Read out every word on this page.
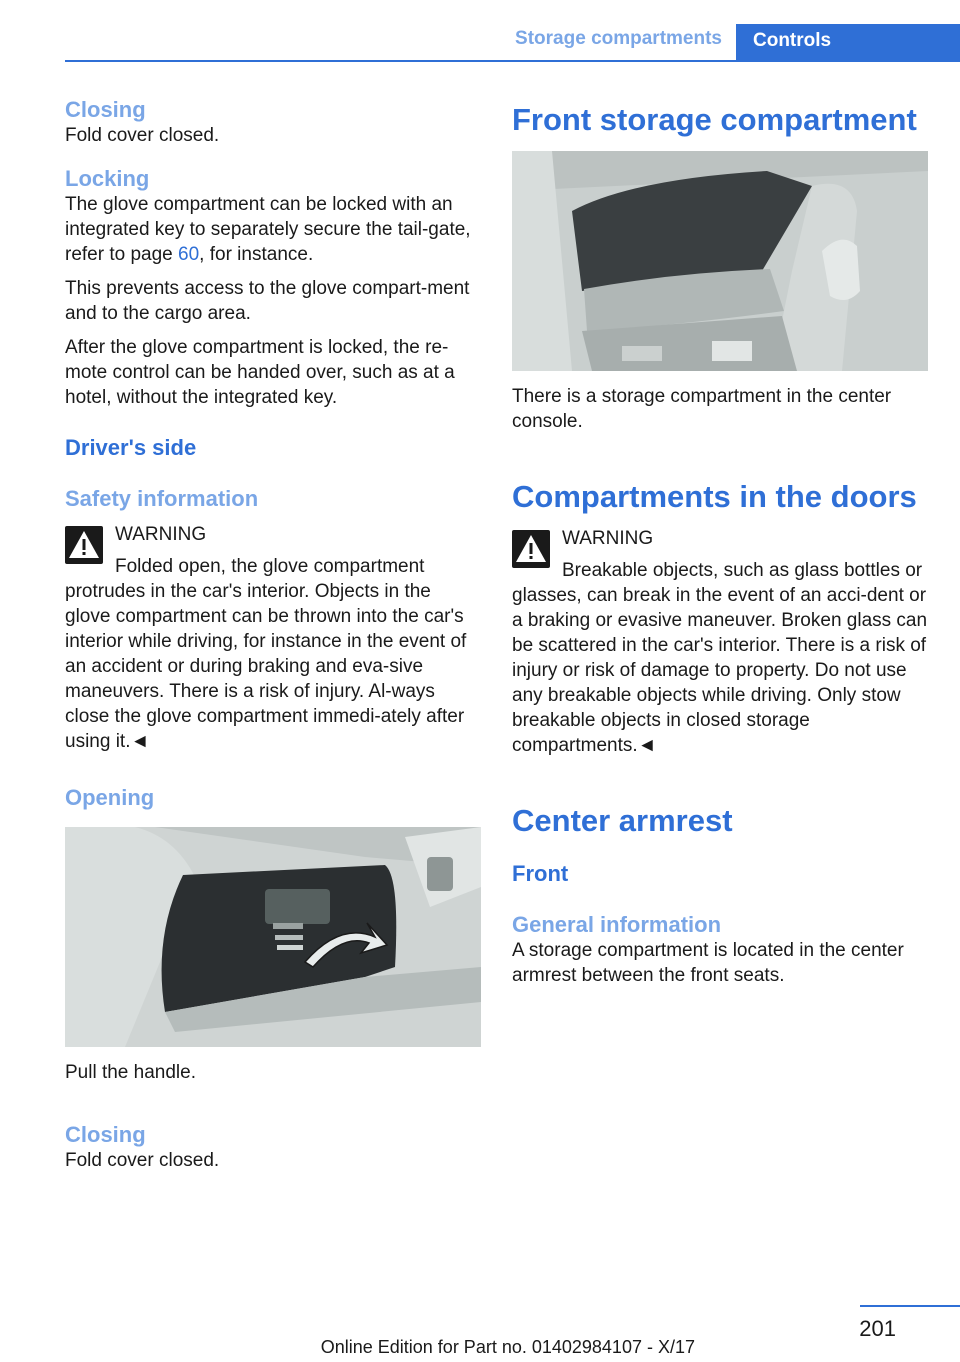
Storage compartments	Controls
Closing

Fold cover closed.

Locking

The glove compartment can be locked with an integrated key to separately secure the tail‐gate, refer to page 60, for instance.

This prevents access to the glove compart‐ment and to the cargo area.

After the glove compartment is locked, the re‐mote control can be handed over, such as at a hotel, without the integrated key.

Driver's side
Safety information
WARNING
Folded open, the glove compartment protrudes in the car's interior. Objects in the glove compartment can be thrown into the car's interior while driving, for instance in the event of an accident or during braking and eva‐sive maneuvers. There is a risk of injury. Al‐ways close the glove compartment immedi‐ately after using it.◄
Opening

Pull the handle.

Closing

Fold cover closed.

Front storage compartment

There is a storage compartment in the center console.

Compartments in the doors
WARNING
Breakable objects, such as glass bottles or glasses, can break in the event of an acci‐dent or a braking or evasive maneuver. Broken glass can be scattered in the car's interior. There is a risk of injury or risk of damage to property. Do not use any breakable objects while driving. Only stow breakable objects in closed storage compartments.◄
Center armrest
Front
General information

A storage compartment is located in the center armrest between the front seats.

201
Online Edition for Part no. 01402984107 - X/17
